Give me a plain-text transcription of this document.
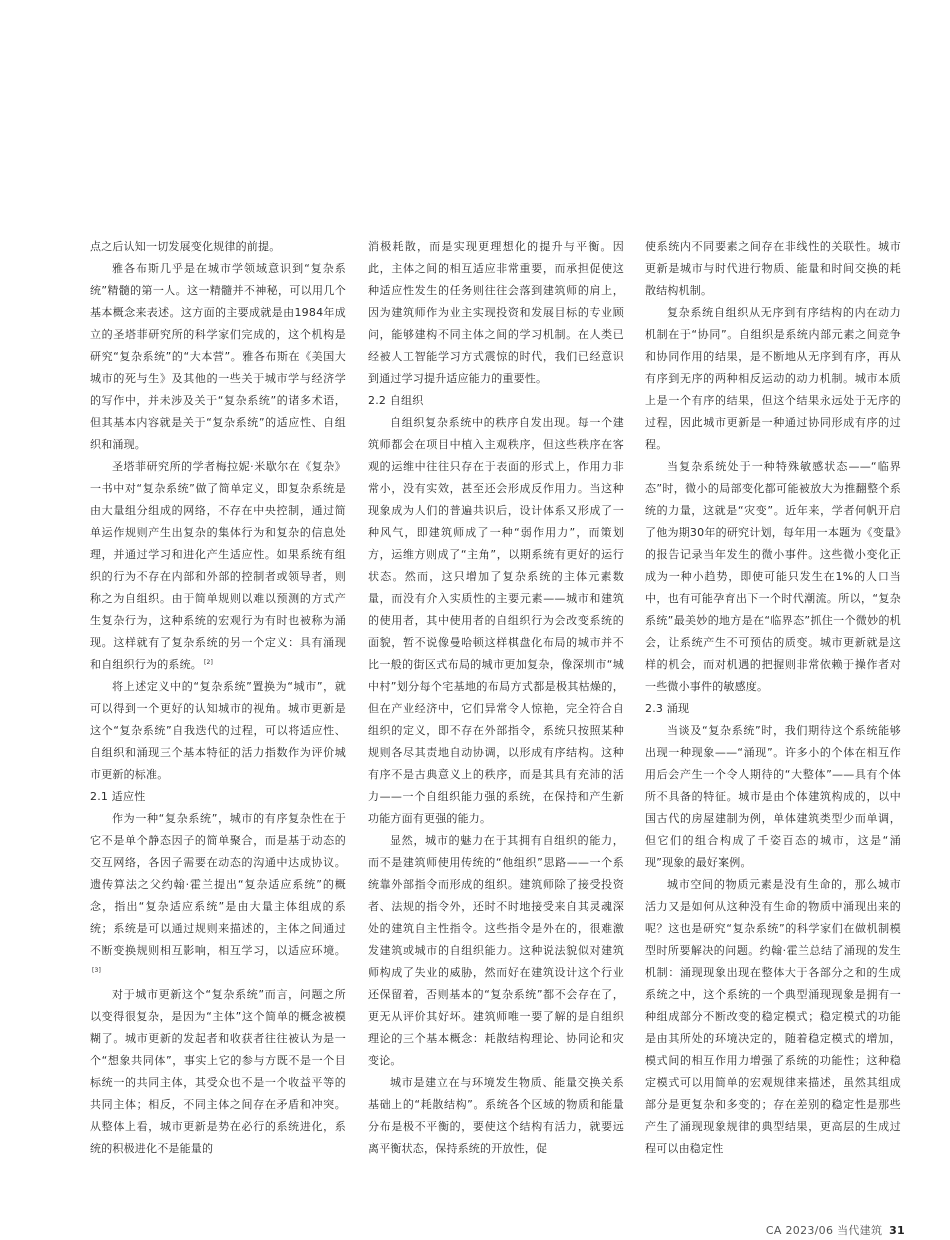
点之后认知一切发展变化规律的前提。

雅各布斯几乎是在城市学领域意识到“复杂系统”精髓的第一人。这一精髓并不神秘，可以用几个基本概念来表述。这方面的主要成就是由1984年成立的圣塔菲研究所的科学家们完成的，这个机构是研究“复杂系统”的“大本营”。雅各布斯在《美国大城市的死与生》及其他的一些关于城市学与经济学的写作中，并未涉及关于“复杂系统”的诸多术语，但其基本内容就是关于“复杂系统”的适应性、自组织和涌现。

圣塔菲研究所的学者梅拉妮·米歇尔在《复杂》一书中对“复杂系统”做了简单定义，即复杂系统是由大量组分组成的网络，不存在中央控制，通过简单运作规则产生出复杂的集体行为和复杂的信息处理，并通过学习和进化产生适应性。如果系统有组织的行为不存在内部和外部的控制者或领导者，则称之为自组织。由于简单规则以难以预测的方式产生复杂行为，这种系统的宏观行为有时也被称为涌现。这样就有了复杂系统的另一个定义：具有涌现和自组织行为的系统。 [2]

将上述定义中的“复杂系统”置换为“城市”，就可以得到一个更好的认知城市的视角。城市更新是这个“复杂系统”自我迭代的过程，可以将适应性、自组织和涌现三个基本特征的活力指数作为评价城市更新的标准。

2.1 适应性

作为一种“复杂系统”，城市的有序复杂性在于它不是单个静态因子的简单聚合，而是基于动态的交互网络，各因子需要在动态的沟通中达成协议。遗传算法之父约翰·霍兰提出“复杂适应系统”的概念，指出“复杂适应系统”是由大量主体组成的系统；系统是可以通过规则来描述的，主体之间通过不断变换规则相互影响，相互学习，以适应环境。[3]

对于城市更新这个“复杂系统”而言，问题之所以变得很复杂，是因为“主体”这个简单的概念被模糊了。城市更新的发起者和收获者往往被认为是一个“想象共同体”，事实上它的参与方既不是一个目标统一的共同主体，其受众也不是一个收益平等的共同主体；相反，不同主体之间存在矛盾和冲突。从整体上看，城市更新是势在必行的系统进化，系统的积极进化不是能量的

消极耗散，而是实现更理想化的提升与平衡。因此，主体之间的相互适应非常重要，而承担促使这种适应性发生的任务则往往会落到建筑师的肩上，因为建筑师作为业主实现投资和发展目标的专业顾问，能够建构不同主体之间的学习机制。在人类已经被人工智能学习方式震惊的时代，我们已经意识到通过学习提升适应能力的重要性。

2.2 自组织

自组织复杂系统中的秩序自发出现。每一个建筑师都会在项目中植入主观秩序，但这些秩序在客观的运维中往往只存在于表面的形式上，作用力非常小，没有实效，甚至还会形成反作用力。当这种现象成为人们的普遍共识后，设计体系又形成了一种风气，即建筑师成了一种“弱作用力”，而策划方，运维方则成了“主角”，以期系统有更好的运行状态。然而，这只增加了复杂系统的主体元素数量，而没有介入实质性的主要元素——城市和建筑的使用者，其中使用者的自组织行为会改变系统的面貌，暂不说像曼哈顿这样棋盘化布局的城市并不比一般的街区式布局的城市更加复杂，像深圳市“城中村”划分每个宅基地的布局方式都是极其枯燥的，但在产业经济中，它们异常令人惊艳，完全符合自组织的定义，即不存在外部指令，系统只按照某种规则各尽其责地自动协调，以形成有序结构。这种有序不是古典意义上的秩序，而是其具有充沛的活力——一个自组织能力强的系统，在保持和产生新功能方面有更强的能力。

显然，城市的魅力在于其拥有自组织的能力，而不是建筑师使用传统的“他组织”思路——一个系统靠外部指令而形成的组织。建筑师除了接受投资者、法规的指令外，还时不时地接受来自其灵魂深处的建筑自主性指令。这些指令是外在的，很难激发建筑或城市的自组织能力。这种说法貌似对建筑师构成了失业的威胁，然而好在建筑设计这个行业还保留着，否则基本的“复杂系统”都不会存在了，更无从评价其好坏。建筑师唯一要了解的是自组织理论的三个基本概念：耗散结构理论、协同论和灾变论。

城市是建立在与环境发生物质、能量交换关系基础上的“耗散结构”。系统各个区域的物质和能量分布是极不平衡的，要使这个结构有活力，就要远离平衡状态，保持系统的开放性，促

使系统内不同要素之间存在非线性的关联性。城市更新是城市与时代进行物质、能量和时间交换的耗散结构机制。

复杂系统自组织从无序到有序结构的内在动力机制在于“协同”。自组织是系统内部元素之间竞争和协同作用的结果，是不断地从无序到有序，再从有序到无序的两种相反运动的动力机制。城市本质上是一个有序的结果，但这个结果永远处于无序的过程，因此城市更新是一种通过协同形成有序的过程。

当复杂系统处于一种特殊敏感状态——“临界态”时，微小的局部变化都可能被放大为推翻整个系统的力量，这就是“灾变”。近年来，学者何帆开启了他为期30年的研究计划，每年用一本题为《变量》的报告记录当年发生的微小事件。这些微小变化正成为一种小趋势，即使可能只发生在1%的人口当中，也有可能孕育出下一个时代潮流。所以，“复杂系统”最美妙的地方是在“临界态”抓住一个微妙的机会，让系统产生不可预估的质变。城市更新就是这样的机会，而对机遇的把握则非常依赖于操作者对一些微小事件的敏感度。

2.3 涌现

当谈及“复杂系统”时，我们期待这个系统能够出现一种现象——“涌现”。许多小的个体在相互作用后会产生一个令人期待的“大整体”——具有个体所不具备的特征。城市是由个体建筑构成的，以中国古代的房屋建制为例，单体建筑类型少而单调，但它们的组合构成了千姿百态的城市，这是“涌现”现象的最好案例。

城市空间的物质元素是没有生命的，那么城市活力又是如何从这种没有生命的物质中涌现出来的呢？这也是研究“复杂系统”的科学家们在做机制模型时所要解决的问题。约翰·霍兰总结了涌现的发生机制：涌现现象出现在整体大于各部分之和的生成系统之中，这个系统的一个典型涌现现象是拥有一种组成部分不断改变的稳定模式；稳定模式的功能是由其所处的环境决定的，随着稳定模式的增加，模式间的相互作用力增强了系统的功能性；这种稳定模式可以用简单的宏观规律来描述，虽然其组成部分是更复杂和多变的；存在差别的稳定性是那些产生了涌现现象规律的典型结果，更高层的生成过程可以由稳定性

CA 2023/06 当代建筑 31
